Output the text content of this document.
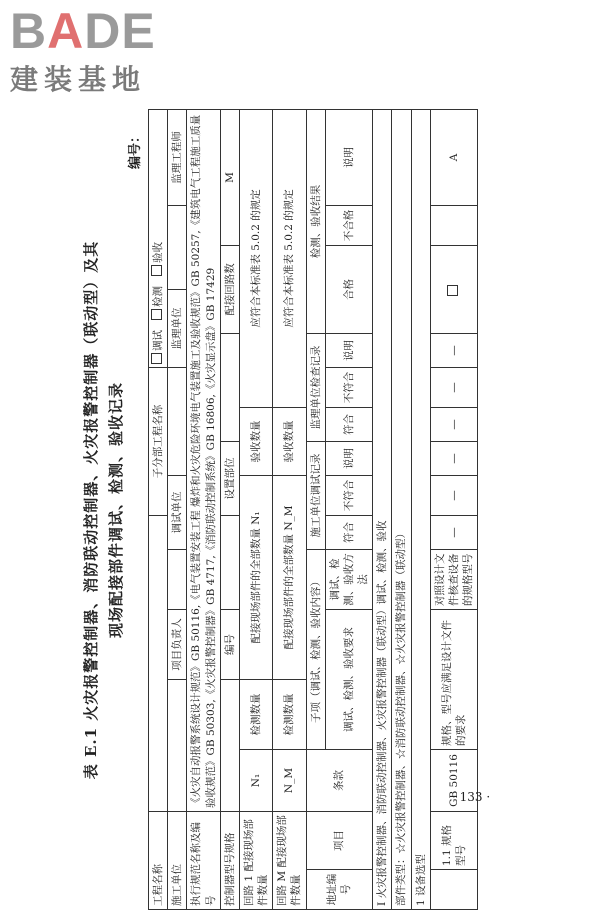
B A DE
建装基地
表 E.1 火灾报警控制器、消防联动控制器、火灾报警控制器（联动型）及其 现场配接部件调试、检测、验收记录
编号：
工程名称							子分部工程名称				调试   检测   验收				
施工单位				项目负责人		调试单位					监理单位				监理工程师
执行规范名称及编号		《火灾自动报警系统设计规范》GB 50116,《电气装置安装工程 爆炸和火灾危险环境电气装置施工及验收规范》GB 50257,《建筑电气工程施工质量验收规范》GB 50303,《火灾报警控制器》GB 4717,《消防联动控制系统》GB 16806,《火灾显示盘》GB 17429													
控制器型号规格				编号			设置部位					配接回路数		M	
回路 1 配接现场部件数量		N₁	检测数量	配接现场部件的全部数量 N₁				验收数量		应符合本标准表 5.0.2 的规定					
回路 M 配接现场部件数量		N_M	检测数量	配接现场部件的全部数量 N_M				验收数量		应符合本标准表 5.0.2 的规定					
地址编号	项目	条款	子项（调试、检测、验收内容）			施工单位调试记录			监理单位检查记录			检测、验收结果			
			调试、检测、验收要求		调试、检测、验收方法	符合	不符合	说明	符合	不符合	说明	合格		不合格	说明
Ⅰ 火灾报警控制器、消防联动控制器、火灾报警控制器（联动型）调试、检测、验收															
部件类型：☆火灾报警控制器、☆消防联动控制器、☆火灾报警控制器（联动型）															
1 设备选型															
	1.1 规格型号	GB 50116	规格、型号应满足设计文件的要求		对照设计文件核查设备的规格型号	—	—	—	—	—	—				A
· 133 ·
